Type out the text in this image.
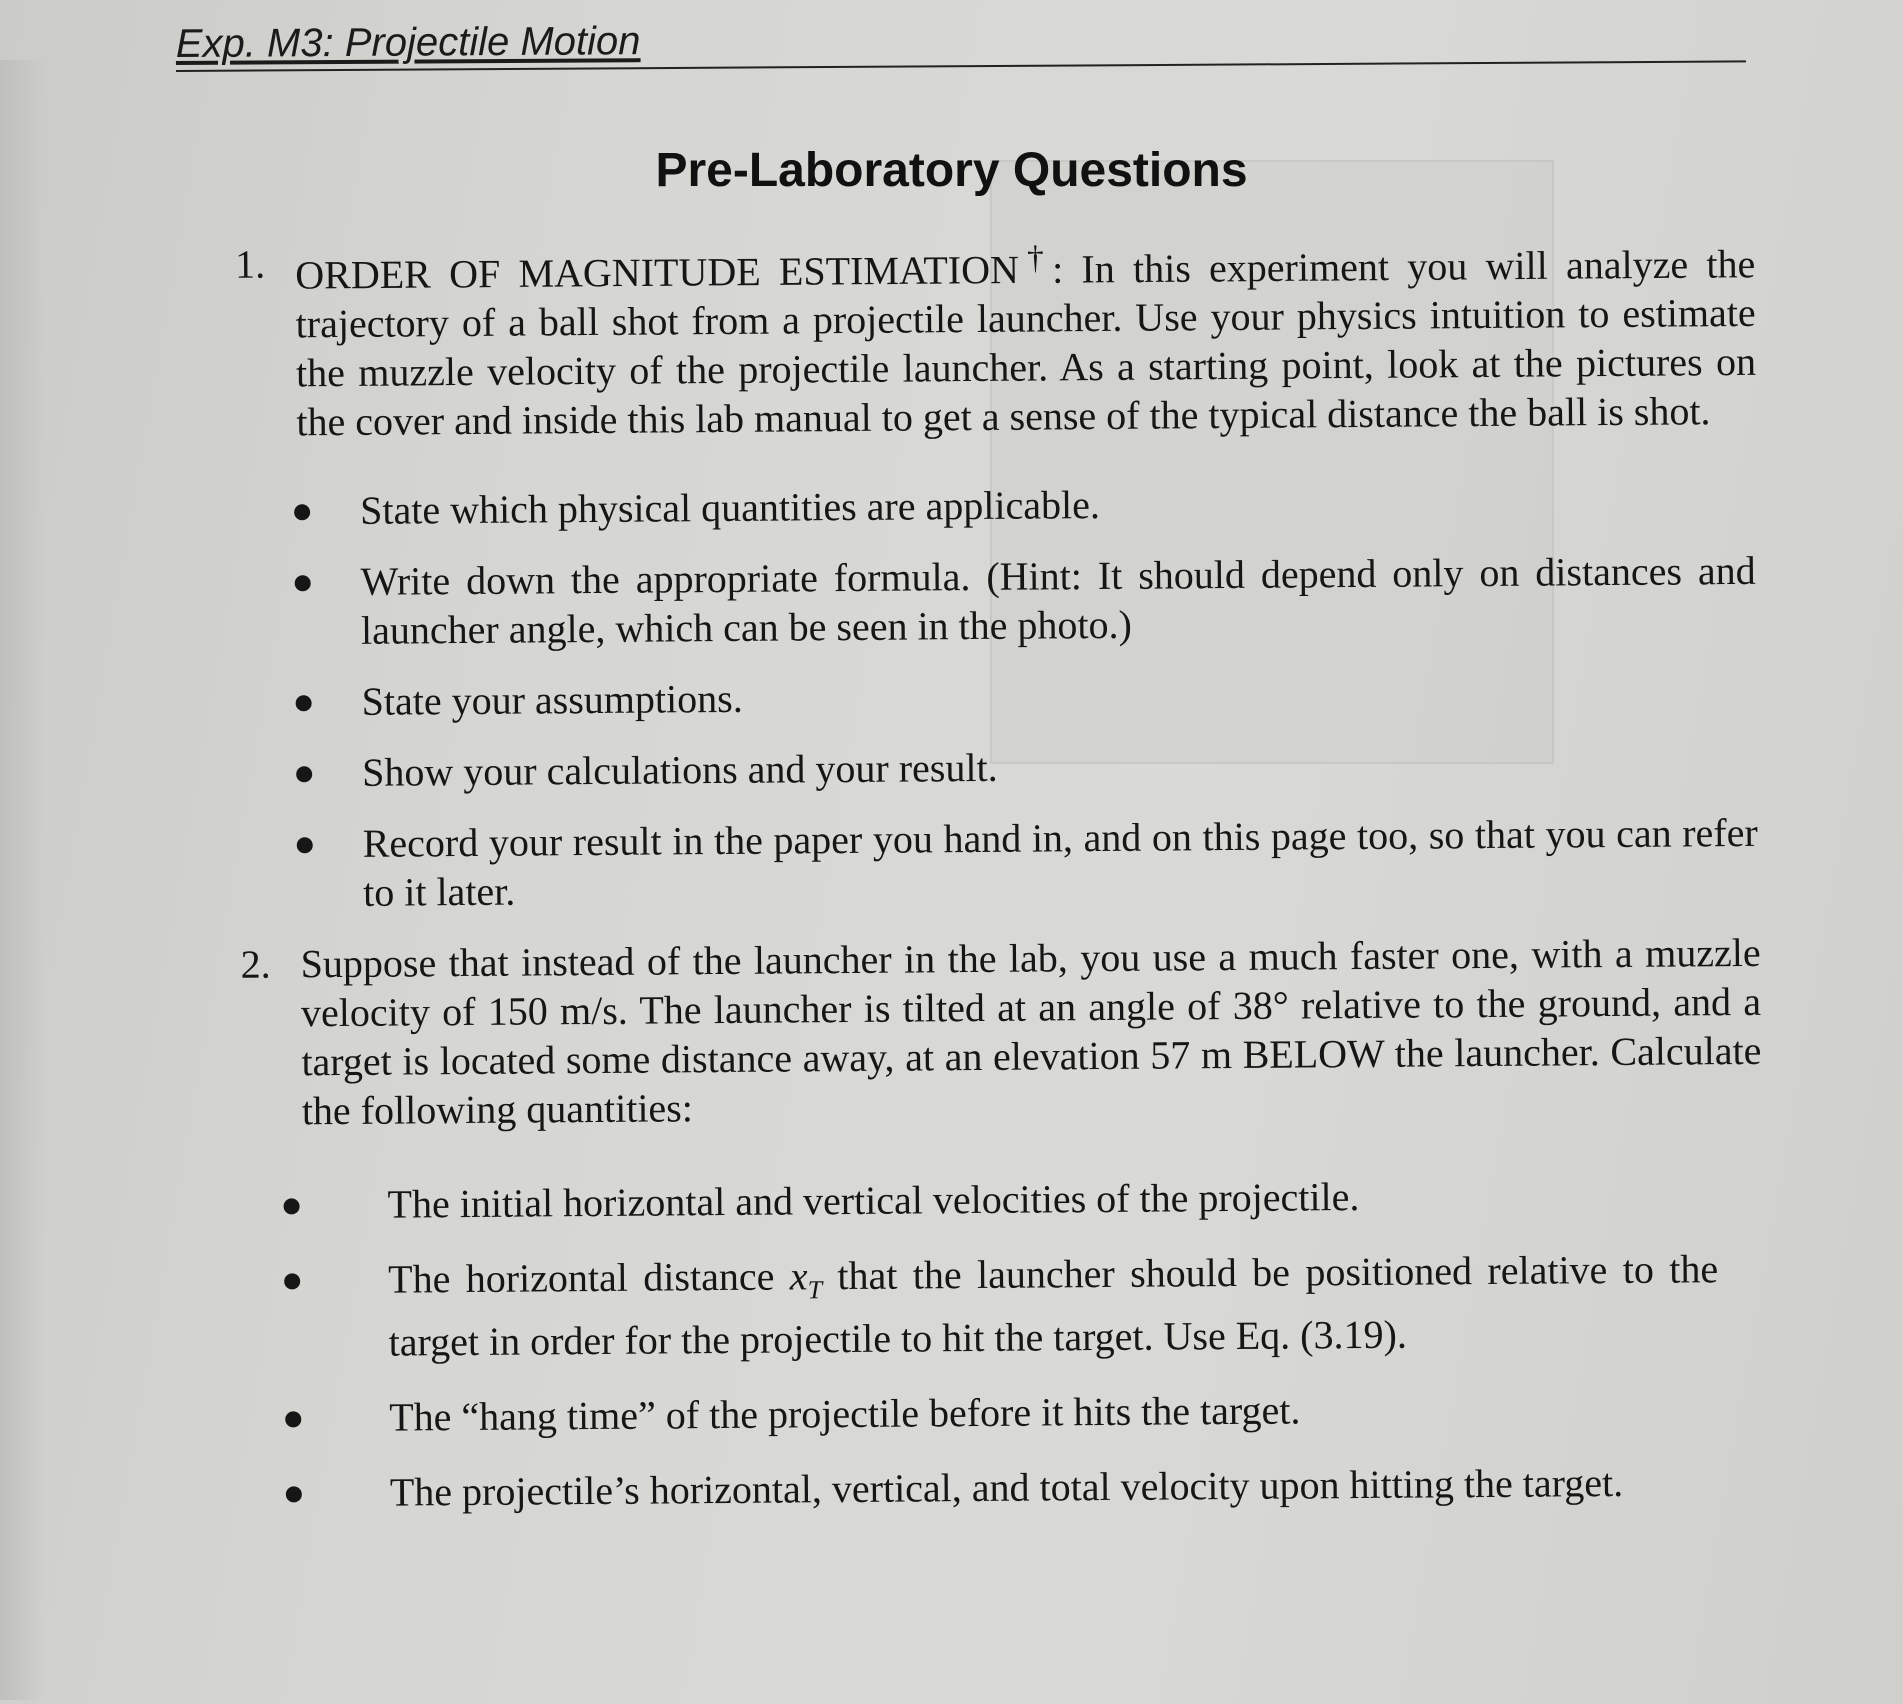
Exp. M3: Projectile Motion
Pre-Laboratory Questions
1. ORDER OF MAGNITUDE ESTIMATION†: In this experiment you will analyze the trajectory of a ball shot from a projectile launcher. Use your physics intuition to estimate the muzzle velocity of the projectile launcher. As a starting point, look at the pictures on the cover and inside this lab manual to get a sense of the typical distance the ball is shot.
State which physical quantities are applicable.
Write down the appropriate formula. (Hint: It should depend only on distances and launcher angle, which can be seen in the photo.)
State your assumptions.
Show your calculations and your result.
Record your result in the paper you hand in, and on this page too, so that you can refer to it later.
2. Suppose that instead of the launcher in the lab, you use a much faster one, with a muzzle velocity of 150 m/s. The launcher is tilted at an angle of 38° relative to the ground, and a target is located some distance away, at an elevation 57 m BELOW the launcher. Calculate the following quantities:
The initial horizontal and vertical velocities of the projectile.
The horizontal distance $x_T$ that the launcher should be positioned relative to the target in order for the projectile to hit the target. Use Eq. (3.19).
The “hang time” of the projectile before it hits the target.
The projectile’s horizontal, vertical, and total velocity upon hitting the target.
